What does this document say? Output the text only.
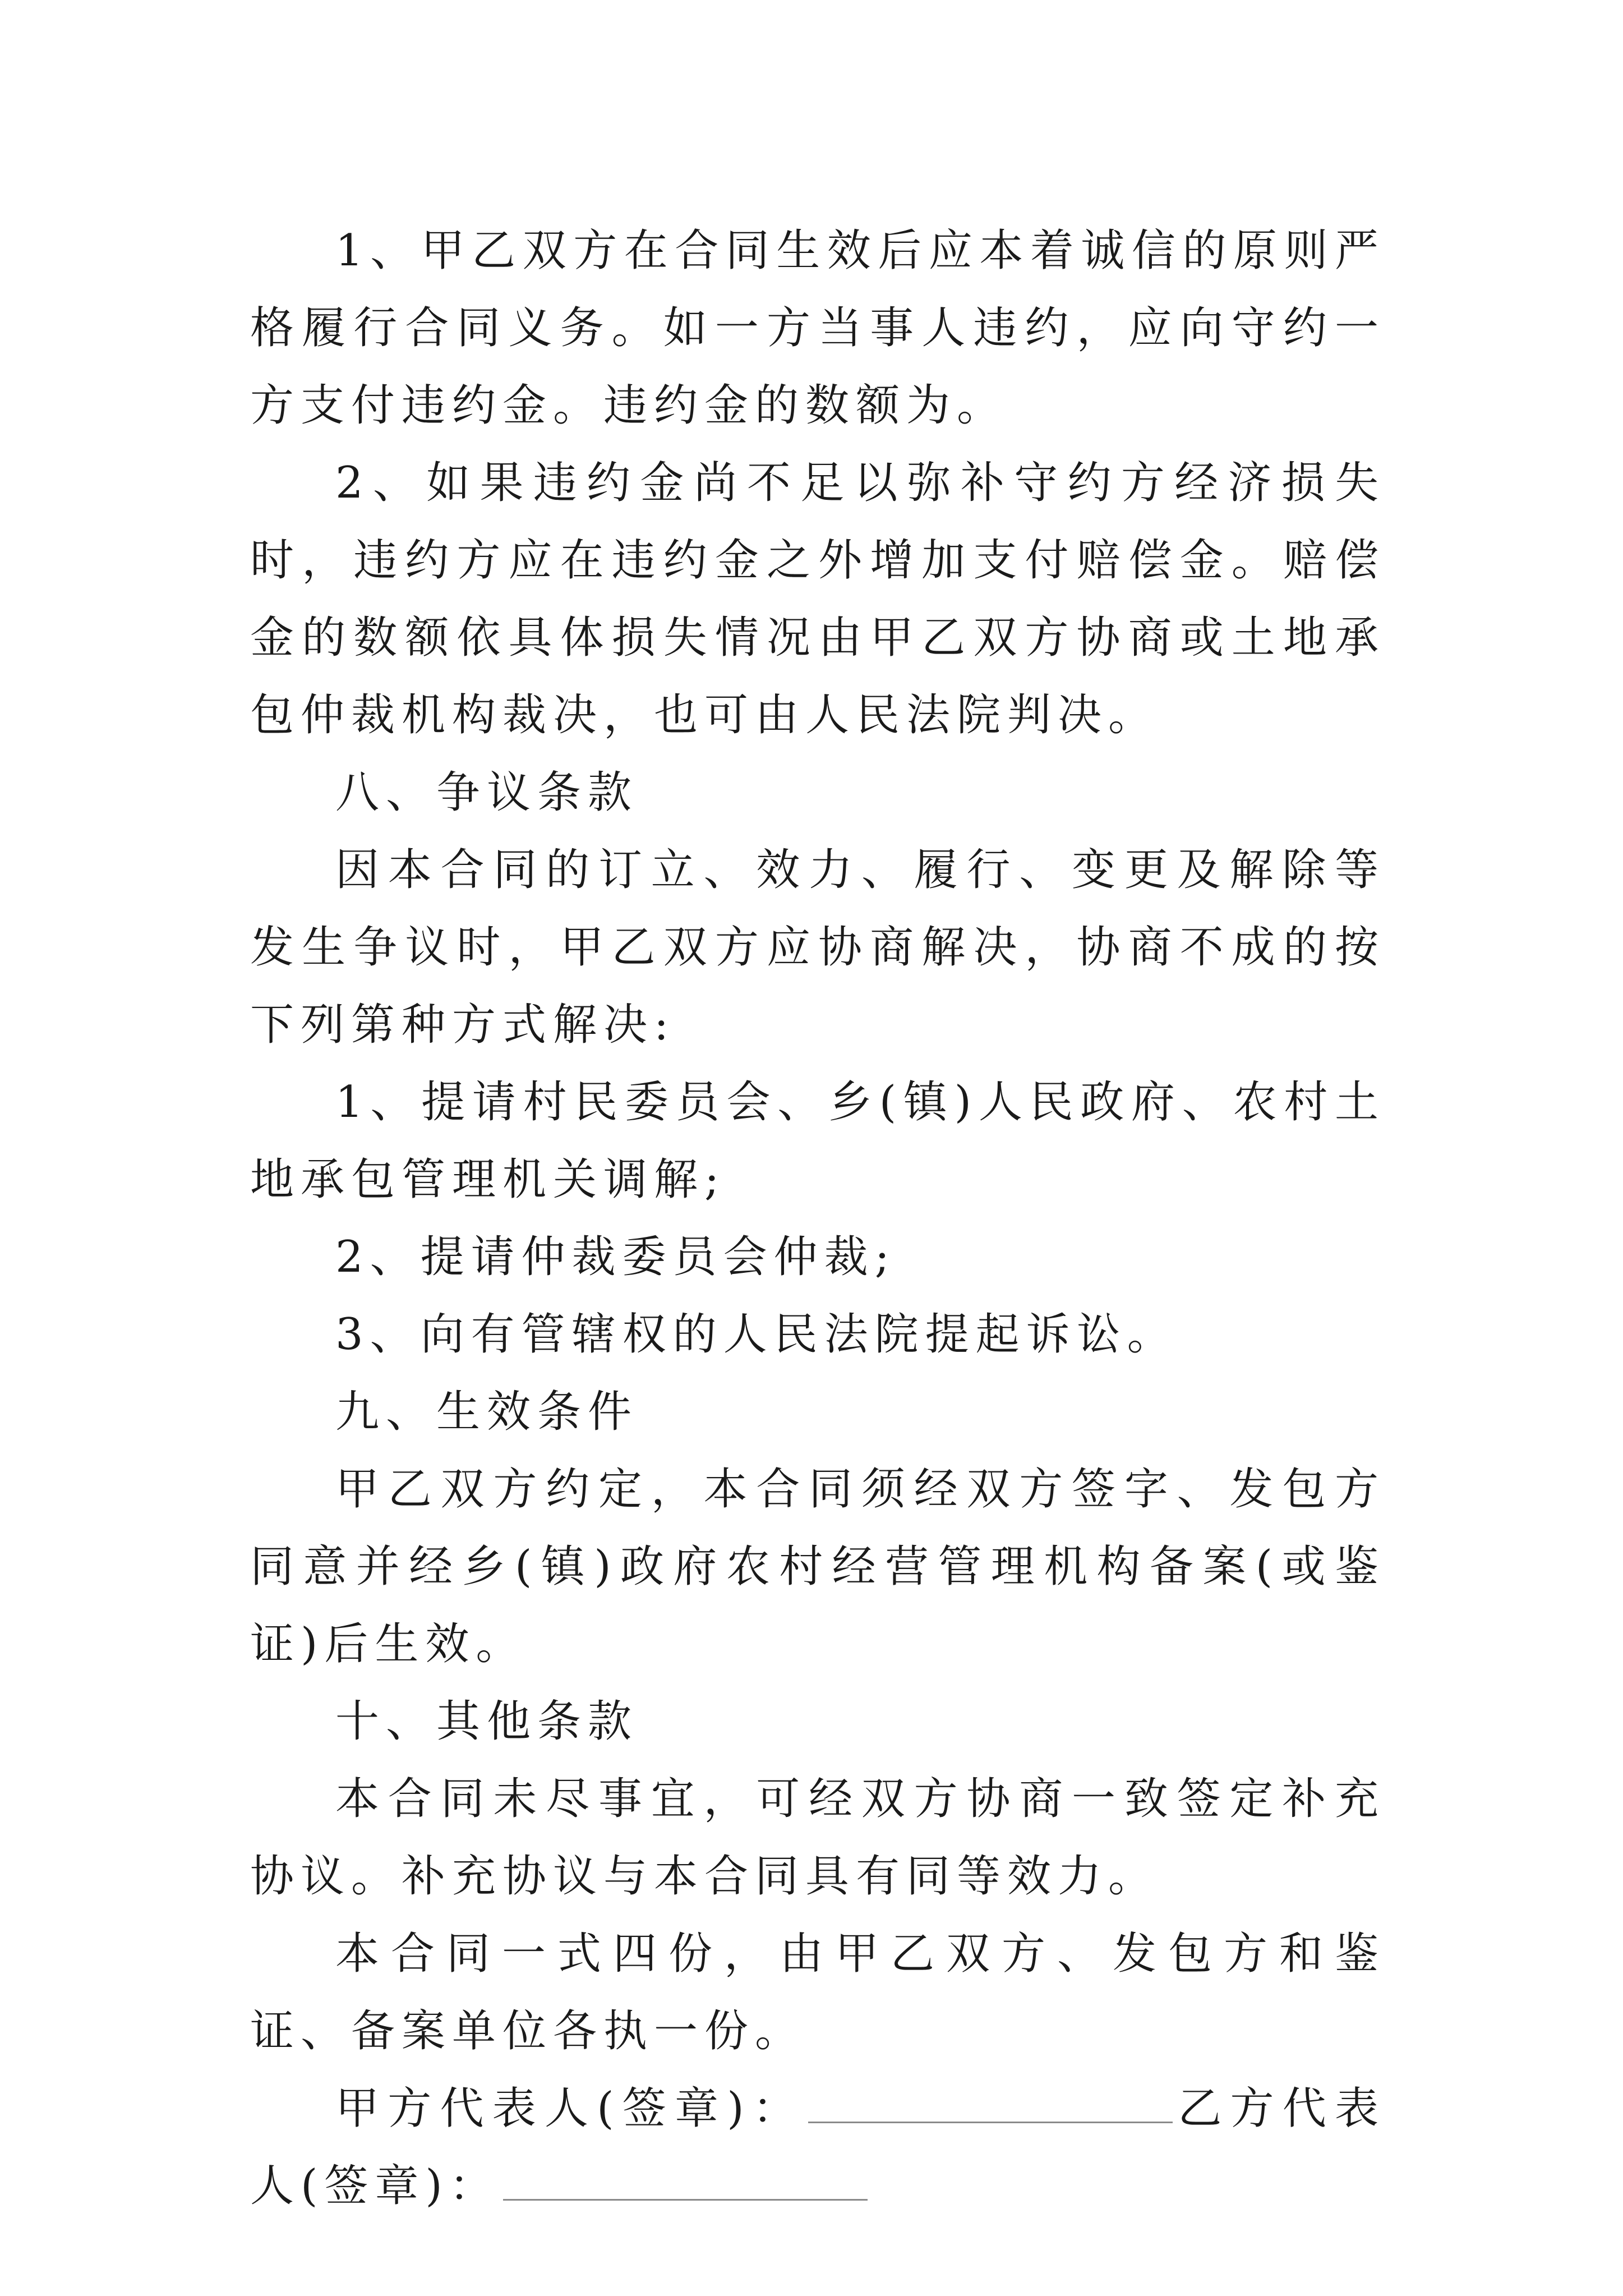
1、甲乙双方在合同生效后应本着诚信的原则严格履行合同义务。如一方当事人违约，应向守约一方支付违约金。违约金的数额为。

2、如果违约金尚不足以弥补守约方经济损失时，违约方应在违约金之外增加支付赔偿金。赔偿金的数额依具体损失情况由甲乙双方协商或土地承包仲裁机构裁决，也可由人民法院判决。

八、争议条款

因本合同的订立、效力、履行、变更及解除等发生争议时，甲乙双方应协商解决，协商不成的按下列第种方式解决:

1、提请村民委员会、乡(镇)人民政府、农村土地承包管理机关调解;

2、提请仲裁委员会仲裁;

3、向有管辖权的人民法院提起诉讼。

九、生效条件

甲乙双方约定，本合同须经双方签字、发包方同意并经乡(镇)政府农村经营管理机构备案(或鉴证)后生效。

十、其他条款

本合同未尽事宜，可经双方协商一致签定补充协议。补充协议与本合同具有同等效力。

本合同一式四份，由甲乙双方、发包方和鉴证、备案单位各执一份。

甲方代表人(签章)：	乙方代表人(签章)：
